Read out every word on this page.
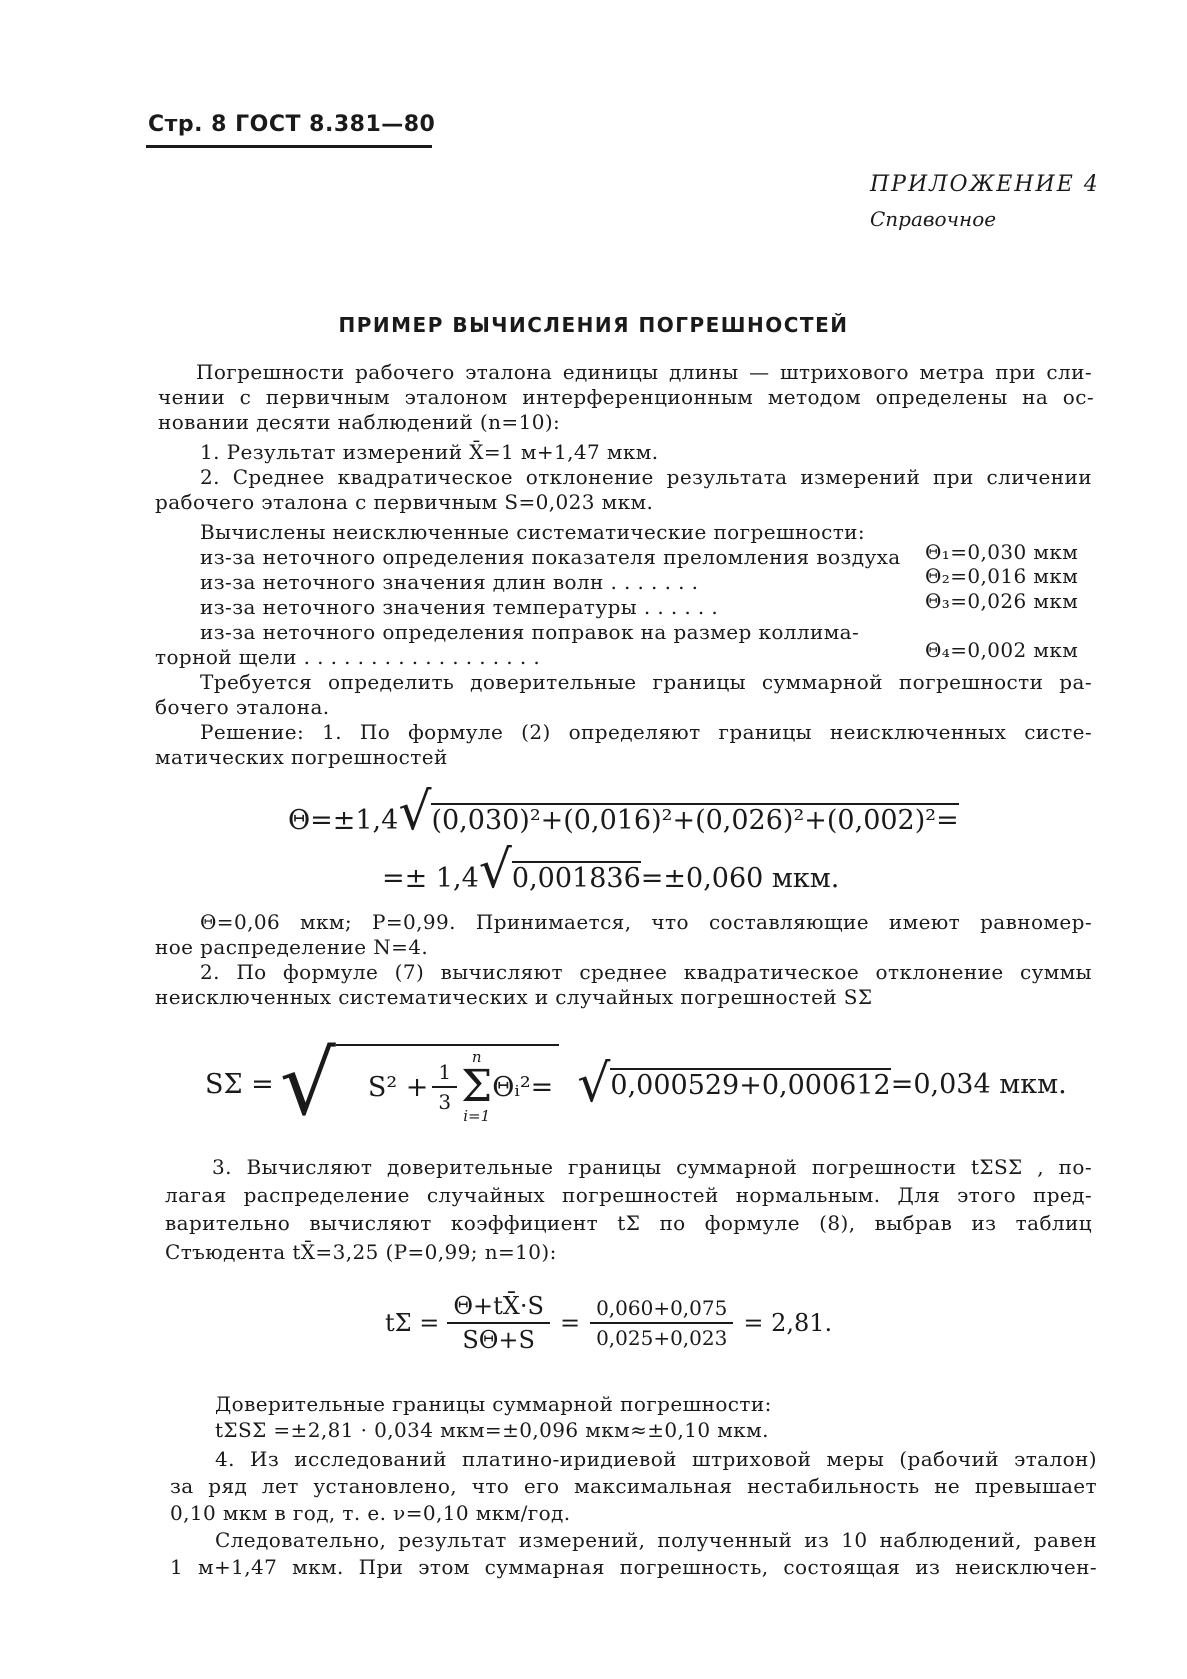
Стр. 8 ГОСТ 8.381—80
ПРИЛОЖЕНИЕ 4
Справочное
ПРИМЕР ВЫЧИСЛЕНИЯ ПОГРЕШНОСТЕЙ
Погрешности рабочего эталона единицы длины — штрихового метра при сли-
чении с первичным эталоном интерференционным методом определены на ос-
новании десяти наблюдений (n=10):
1. Результат измерений X̄=1 м+1,47 мкм.
2. Среднее квадратическое отклонение результата измерений при сличении
рабочего эталона с первичным S=0,023 мкм.
Вычислены неисключенные систематические погрешности:
из-за неточного определения показателя преломления воздуха Θ₁=0,030 мкм
из-за неточного значения длин волн . . . . . . .	Θ₂=0,016 мкм
из-за неточного значения температуры . . . . . .	Θ₃=0,026 мкм
из-за неточного определения поправок на размер коллима-
торной щели . . . . . . . . . . . . . . . . . .	Θ₄=0,002 мкм
Требуется определить доверительные границы суммарной погрешности ра-
бочего эталона.
Решение: 1. По формуле (2) определяют границы неисключенных систе-
матических погрешностей
Θ=±1,4√(0,030)²+(0,016)²+(0,026)²+(0,002)²=
=± 1,4√0,001836=±0,060 мкм.
Θ=0,06 мкм; P=0,99. Принимается, что составляющие имеют равномер-
ное распределение N=4.
2. По формуле (7) вычисляют среднее квадратическое отклонение суммы
неисключенных систематических и случайных погрешностей SΣ
SΣ = √ $S^2 + \frac{1}{3}$
n
Σ
i=1
Θᵢ²= √ 0,000529+0,000612 =0,034 мкм.
3. Вычисляют доверительные границы суммарной погрешности tΣSΣ , по-
лагая распределение случайных погрешностей нормальным. Для этого пред-
варительно вычисляют коэффициент tΣ по формуле (8), выбрав из таблиц
Стъюдента tX̄=3,25 (P=0,99; n=10):
$t\Sigma = \frac{\Theta+tX̄\cdot S}{S\Theta+S} = \frac{0,060+0,075}{0,025+0,023} = 2,81$.
Доверительные границы суммарной погрешности:
tΣSΣ =±2,81 · 0,034 мкм=±0,096 мкм≈±0,10 мкм.
4. Из исследований платино-иридиевой штриховой меры (рабочий эталон)
за ряд лет установлено, что его максимальная нестабильность не превышает
0,10 мкм в год, т. е. ν=0,10 мкм/год.
Следовательно, результат измерений, полученный из 10 наблюдений, равен
1 м+1,47 мкм. При этом суммарная погрешность, состоящая из неисключен-
